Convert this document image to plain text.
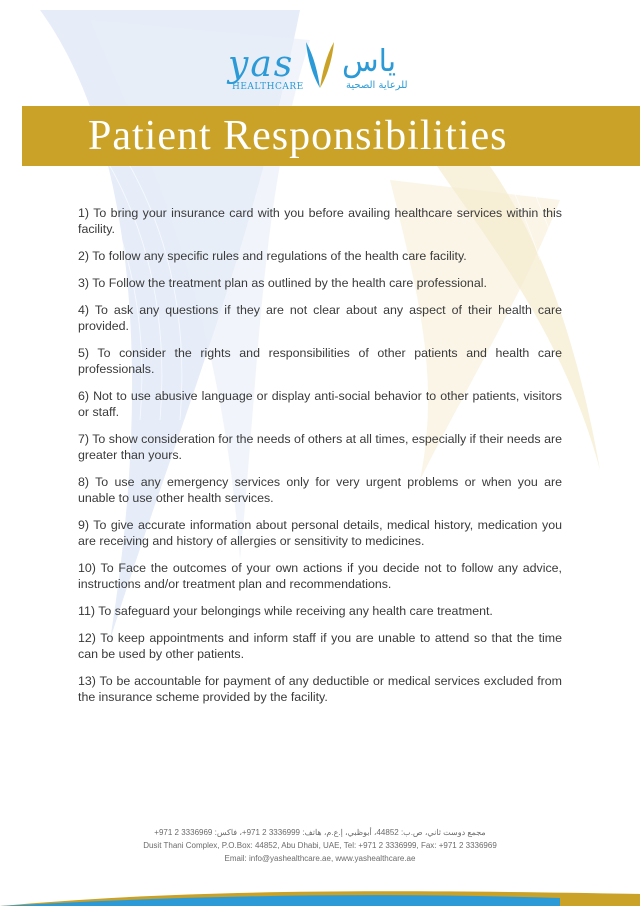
yas
HEALTHCARE
ياس
للرعاية الصحية
Patient Responsibilities

1) To bring your insurance card with you before availing healthcare services within this facility.

2) To follow any specific rules and regulations of the health care facility.

3) To Follow the treatment plan as outlined by the health care professional.

4) To ask any questions if they are not clear about any aspect of their health care provided.

5) To consider the rights and responsibilities of other patients and health care professionals.

6) Not to use abusive language or display anti-social behavior to other patients, visitors or staff.

7) To show consideration for the needs of others at all times, especially if their needs are greater than yours.

8) To use any emergency services only for very urgent problems or when you are unable to use other health services.

9) To give accurate information about personal details, medical history, medication you are receiving and history of allergies or sensitivity to medicines.

10) To Face the outcomes of your own actions if you decide not to follow any advice, instructions and/or treatment plan and recommendations.

11) To safeguard your belongings while receiving any health care treatment.

12) To keep appointments and inform staff if you are unable to attend so that the time can be used by other patients.

13) To be accountable for payment of any deductible or medical services excluded from the insurance scheme provided by the facility.

مجمع دوست ثاني، ص.ب: 44852، أبوظبي، إ.ع.م، هاتف: 3336999 2 971+، فاكس: 3336969 2 971+
Dusit Thani Complex, P.O.Box: 44852, Abu Dhabi, UAE, Tel: +971 2 3336999, Fax: +971 2 3336969
Email: info@yashealthcare.ae, www.yashealthcare.ae
